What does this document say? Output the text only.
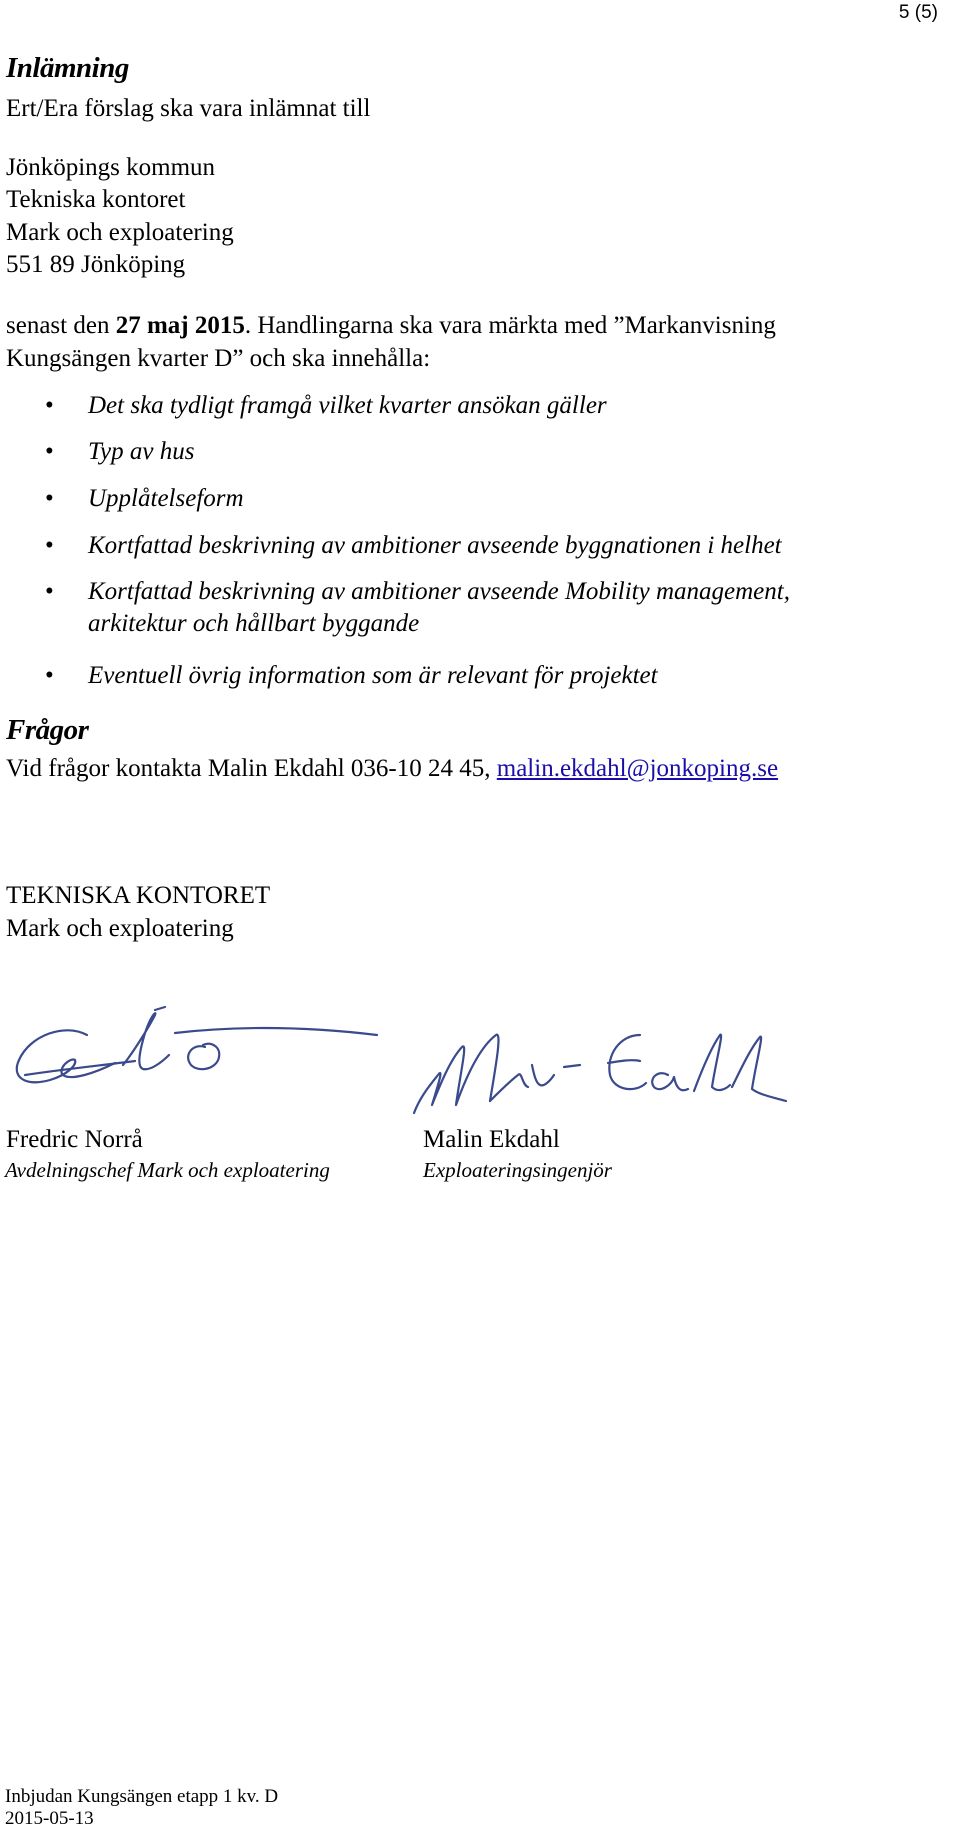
5 (5)
Inlämning
Ert/Era förslag ska vara inlämnat till
Jönköpings kommun
Tekniska kontoret
Mark och exploatering
551 89 Jönköping
senast den 27 maj 2015. Handlingarna ska vara märkta med ”Markanvisning
Kungsängen kvarter D” och ska innehålla:
• Det ska tydligt framgå vilket kvarter ansökan gäller
• Typ av hus
• Upplåtelseform
• Kortfattad beskrivning av ambitioner avseende byggnationen i helhet
• Kortfattad beskrivning av ambitioner avseende Mobility management,
arkitektur och hållbart byggande
• Eventuell övrig information som är relevant för projektet
Frågor
Vid frågor kontakta Malin Ekdahl 036-10 24 45, malin.ekdahl@jonkoping.se
TEKNISKA KONTORET
Mark och exploatering
Fredric Norrå
Avdelningschef Mark och exploatering
Malin Ekdahl
Exploateringsingenjör
Inbjudan Kungsängen etapp 1 kv. D
2015-05-13
